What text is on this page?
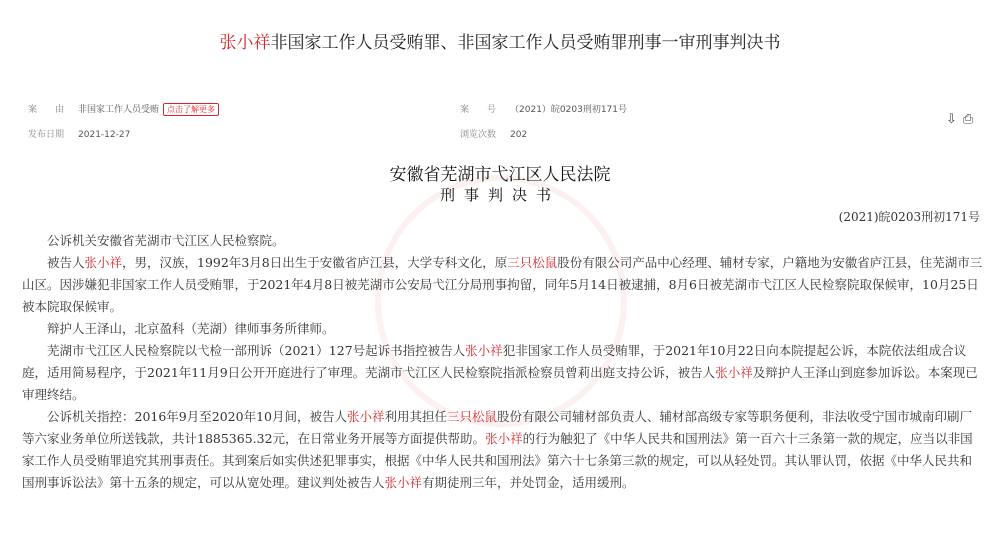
张小祥非国家工作人员受贿罪、非国家工作人员受贿罪刑事一审刑事判决书
案　　由 非国家工作人员受贿 点击了解更多	案　　号 （2021）皖0203刑初171号
发布日期 2021-12-27	浏览次数 202
⇩ ⎙
安徽省芜湖市弋江区人民法院
刑事判决书
(2021)皖0203刑初171号

公诉机关安徽省芜湖市弋江区人民检察院。

被告人张小祥，男，汉族，1992年3月8日出生于安徽省庐江县，大学专科文化，原三只松鼠股份有限公司产品中心经理、辅材专家，户籍地为安徽省庐江县，住芜湖市三山区。因涉嫌犯非国家工作人员受贿罪，于2021年4月8日被芜湖市公安局弋江分局刑事拘留，同年5月14日被逮捕，8月6日被芜湖市弋江区人民检察院取保候审，10月25日被本院取保候审。

辩护人王泽山，北京盈科（芜湖）律师事务所律师。

芜湖市弋江区人民检察院以弋检一部刑诉（2021）127号起诉书指控被告人张小祥犯非国家工作人员受贿罪，于2021年10月22日向本院提起公诉，本院依法组成合议庭，适用简易程序，于2021年11月9日公开开庭进行了审理。芜湖市弋江区人民检察院指派检察员曾莉出庭支持公诉，被告人张小祥及辩护人王泽山到庭参加诉讼。本案现已审理终结。

公诉机关指控：2016年9月至2020年10月间，被告人张小祥利用其担任三只松鼠股份有限公司辅材部负责人、辅材部高级专家等职务便利，非法收受宁国市城南印刷厂等六家业务单位所送钱款，共计1885365.32元，在日常业务开展等方面提供帮助。张小祥的行为触犯了《中华人民共和国刑法》第一百六十三条第一款的规定，应当以非国家工作人员受贿罪追究其刑事责任。其到案后如实供述犯罪事实，根据《中华人民共和国刑法》第六十七条第三款的规定，可以从轻处罚。其认罪认罚，依据《中华人民共和国刑事诉讼法》第十五条的规定，可以从宽处理。建议判处被告人张小祥有期徒刑三年，并处罚金，适用缓刑。
